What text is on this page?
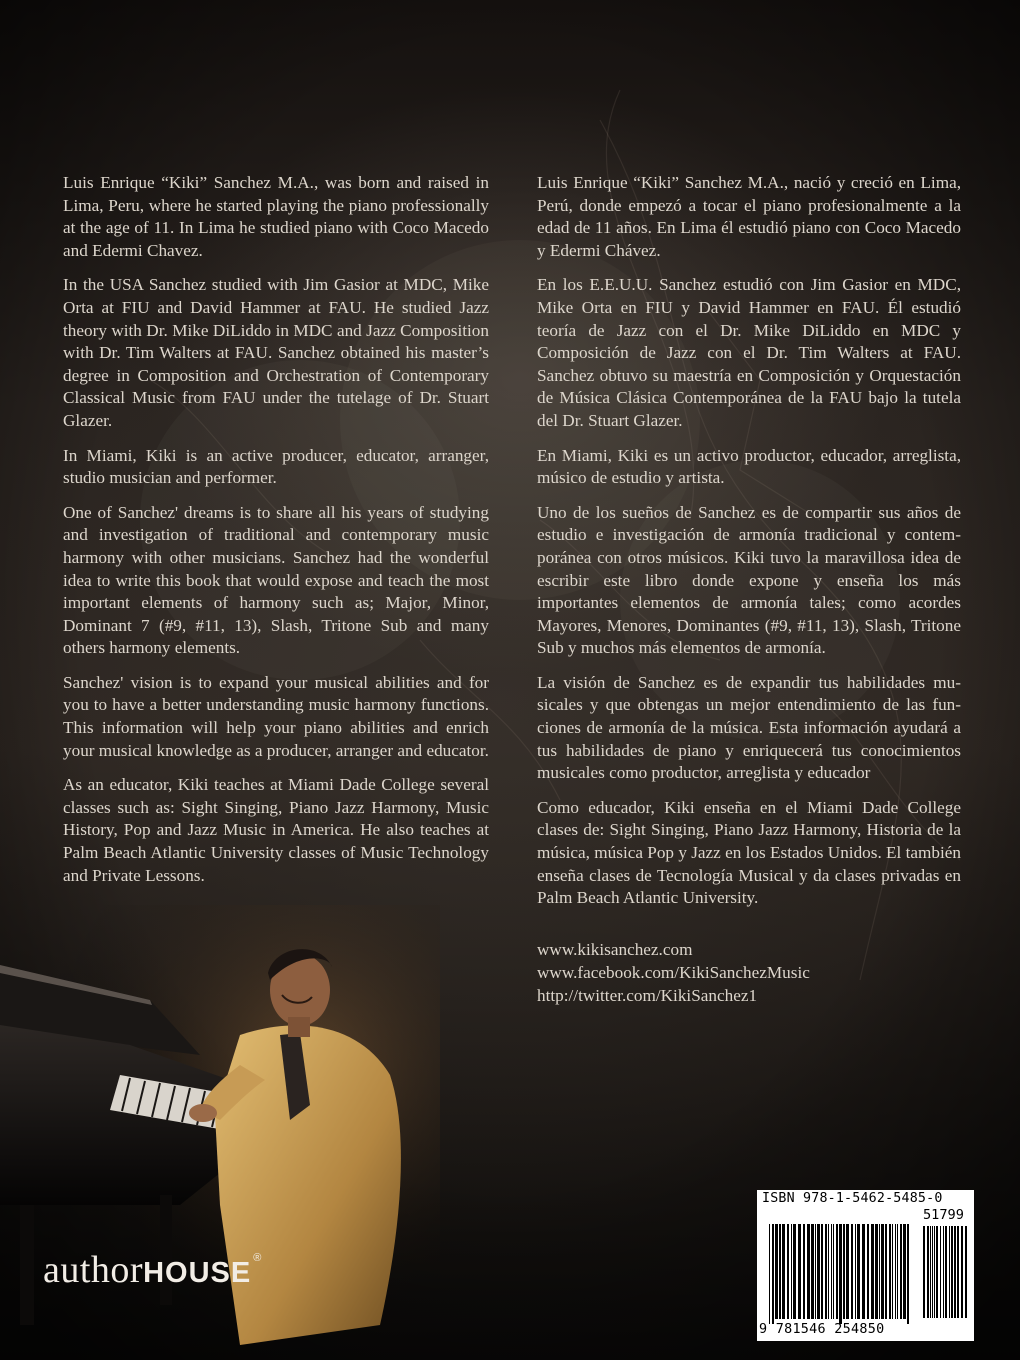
Luis Enrique “Kiki” Sanchez M.A., was born and raised in Lima, Peru, where he started playing the piano professionally at the age of 11. In Lima he studied piano with Coco Macedo and Edermi Chavez.

In the USA Sanchez studied with Jim Gasior at MDC, Mike Orta at FIU and David Hammer at FAU. He studied Jazz theory with Dr. Mike DiLiddo in MDC and Jazz Composition with Dr. Tim Walters at FAU. Sanchez obtained his master’s degree in Composition and Orchestration of Contemporary Classical Music from FAU under the tutelage of Dr. Stuart Glazer.

In Miami, Kiki is an active producer, educator, arranger, studio musician and performer.

One of Sanchez' dreams is to share all his years of studying and investigation of traditional and contemporary music harmony with other musicians. Sanchez had the wonderful idea to write this book that would expose and teach the most important elements of harmony such as; Major, Minor, Dominant 7 (#9, #11, 13), Slash, Tritone Sub and many others harmony elements.

Sanchez' vision is to expand your musical abilities and for you to have a better understanding music harmony functions. This information will help your piano abilities and enrich your musical knowledge as a producer, arranger and educator.

As an educator, Kiki teaches at Miami Dade College several classes such as: Sight Singing, Piano Jazz Harmony, Music History, Pop and Jazz Music in America. He also teaches at Palm Beach Atlantic University classes of Music Technology and Private Lessons.

Luis Enrique “Kiki” Sanchez M.A., nació y creció en Lima, Perú, donde empezó a tocar el piano profesionalmente a la edad de 11 años. En Lima él estudió piano con Coco Macedo y Edermi Chávez.

En los E.E.U.U. Sanchez estudió con Jim Gasior en MDC, Mike Orta en FIU y David Hammer en FAU. Él estudió teoría de Jazz con el Dr. Mike DiLiddo en MDC y Composición de Jazz con el Dr. Tim Walters at FAU. Sanchez obtuvo su maestría en Composición y Orquestación de Música Clásica Contemporánea de la FAU bajo la tutela del Dr. Stuart Glazer.

En Miami, Kiki es un activo productor, educador, arreglista, músico de estudio y artista.

Uno de los sueños de Sanchez es de compartir sus años de estudio e investigación de armonía tradicional y contemporánea con otros músicos. Kiki tuvo la maravillosa idea de escribir este libro donde expone y enseña los más importantes elementos de armonía tales; como acordes Mayores, Menores, Dominantes (#9, #11, 13), Slash, Tritone Sub y muchos más elementos de armonía.

La visión de Sanchez es de expandir tus habilidades musicales y que obtengas un mejor entendimiento de las funciones de armonía de la música. Esta información ayudará a tus habilidades de piano y enriquecerá tus conocimientos musicales como productor, arreglista y educador

Como educador, Kiki enseña en el Miami Dade College clases de: Sight Singing, Piano Jazz Harmony, Historia de la música, música Pop y Jazz en los Estados Unidos. El también enseña clases de Tecnología Musical y da clases privadas en Palm Beach Atlantic University.

www.kikisanchez.com
www.facebook.com/KikiSanchezMusic
http://twitter.com/KikiSanchez1
authorHOUSE ®
ISBN 978-1-5462-5485-0
51799
9 781546 254850
